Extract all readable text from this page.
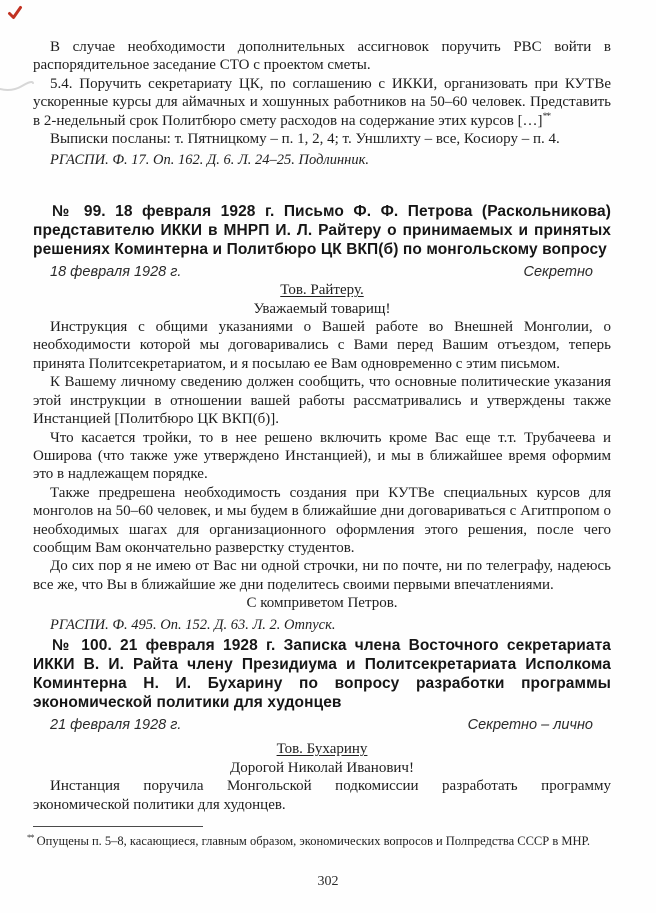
В случае необходимости дополнительных ассигновок поручить РВС войти в распорядительное заседание СТО с проектом сметы.

5.4. Поручить секретариату ЦК, по соглашению с ИККИ, организовать при КУТВе ускоренные курсы для аймачных и хошунных работников на 50–60 человек. Представить в 2-недельный срок Политбюро смету расходов на содержание этих курсов […]**

Выписки посланы: т. Пятницкому – п. 1, 2, 4; т. Уншлихту – все, Косиору – п. 4.

РГАСПИ. Ф. 17. Оп. 162. Д. 6. Л. 24–25. Подлинник.

№ 99. 18 февраля 1928 г. Письмо Ф. Ф. Петрова (Раскольникова) представителю ИККИ в МНРП И. Л. Райтеру о принимаемых и принятых решениях Коминтерна и Политбюро ЦК ВКП(б) по монгольскому вопросу
18 февраля 1928 г.	Секретно

Тов. Райтеру.

Уважаемый товарищ!

Инструкция с общими указаниями о Вашей работе во Внешней Монголии, о необходимости которой мы договаривались с Вами перед Вашим отъездом, теперь принята Политсекретариатом, и я посылаю ее Вам одновременно с этим письмом.

К Вашему личному сведению должен сообщить, что основные политические указания этой инструкции в отношении вашей работы рассматривались и утверждены также Инстанцией [Политбюро ЦК ВКП(б)].

Что касается тройки, то в нее решено включить кроме Вас еще т.т. Трубачеева и Оширова (что также уже утверждено Инстанцией), и мы в ближайшее время оформим это в надлежащем порядке.

Также предрешена необходимость создания при КУТВе специальных курсов для монголов на 50–60 человек, и мы будем в ближайшие дни договариваться с Агитпропом о необходимых шагах для организационного оформления этого решения, после чего сообщим Вам окончательно разверстку студентов.

До сих пор я не имею от Вас ни одной строчки, ни по почте, ни по телеграфу, надеюсь все же, что Вы в ближайшие же дни поделитесь своими первыми впечатлениями.

С комприветом Петров.

РГАСПИ. Ф. 495. Оп. 152. Д. 63. Л. 2. Отпуск.

№ 100. 21 февраля 1928 г. Записка члена Восточного секретариата ИККИ В. И. Райта члену Президиума и Политсекретариата Исполкома Коминтерна Н. И. Бухарину по вопросу разработки программы экономической политики для худонцев
21 февраля 1928 г.	Секретно – лично

Тов. Бухарину

Дорогой Николай Иванович!

Инстанция поручила Монгольской подкомиссии разработать программу экономической политики для худонцев.

** Опущены п. 5–8, касающиеся, главным образом, экономических вопросов и Полпредства СССР в МНР.

302
